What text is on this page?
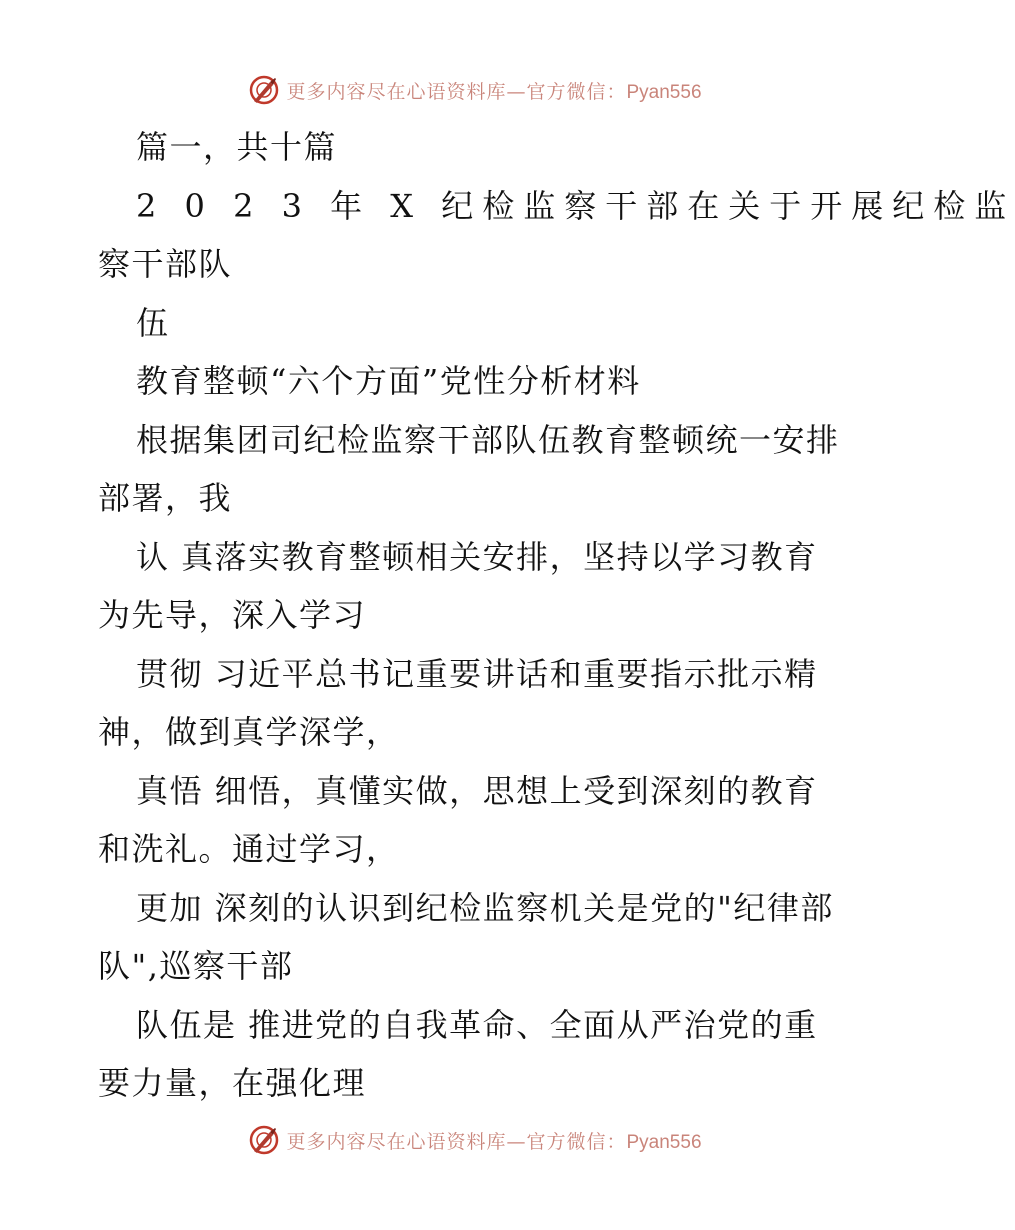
更多内容尽在心语资料库—官方微信：Pyan556
篇一，共十篇
2 0 2 3 年 X 纪检监察干部在关于开展纪检监
察干部队
伍
教育整顿“六个方面”党性分析材料
根据集团司纪检监察干部队伍教育整顿统一安排
部署，我
认 真落实教育整顿相关安排，坚持以学习教育
为先导，深入学习
贯彻 习近平总书记重要讲话和重要指示批示精
神，做到真学深学，
真悟 细悟，真懂实做，思想上受到深刻的教育
和洗礼。通过学习，
更加 深刻的认识到纪检监察机关是党的"纪律部
队",巡察干部
队伍是 推进党的自我革命、全面从严治党的重
要力量，在强化理
更多内容尽在心语资料库—官方微信：Pyan556
